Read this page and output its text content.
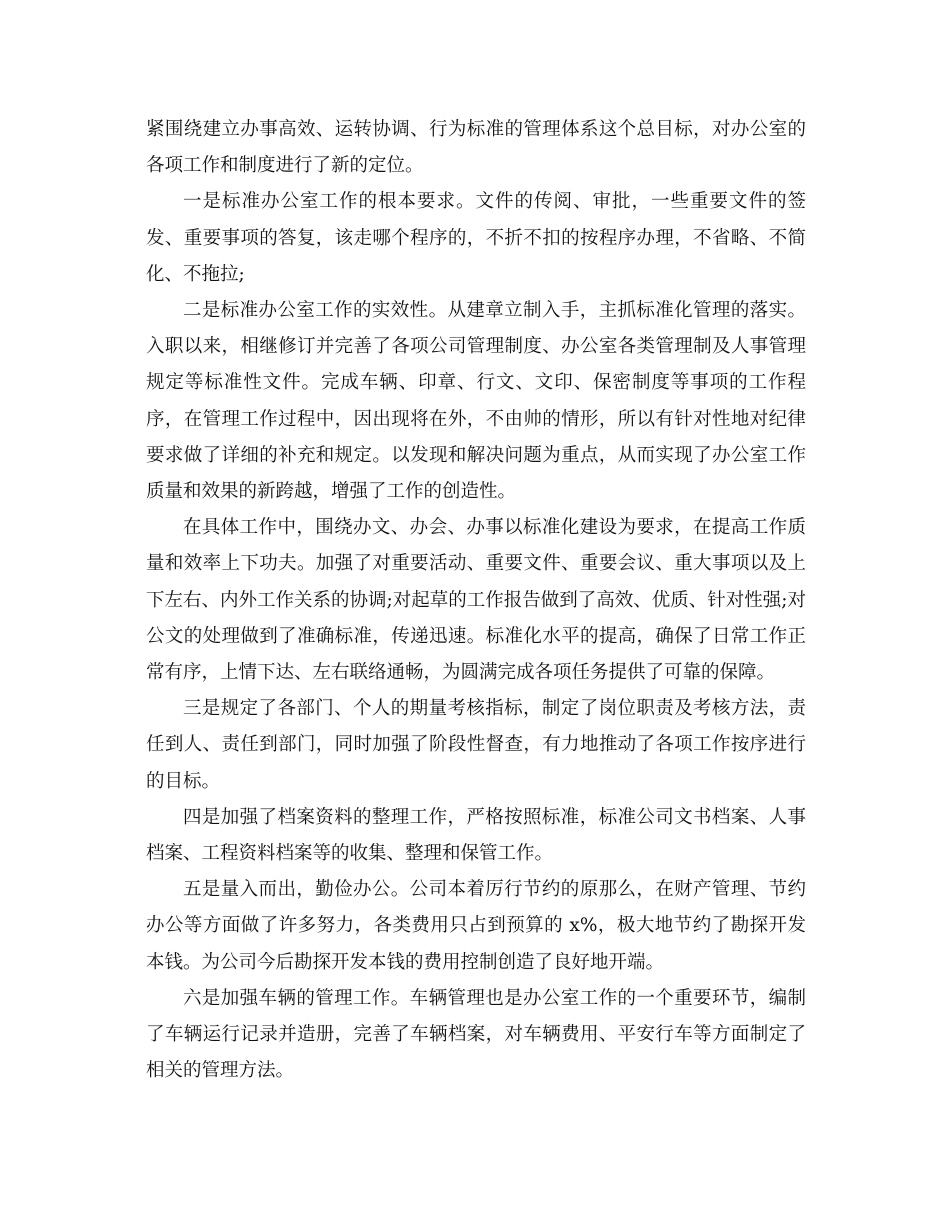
紧围绕建立办事高效、运转协调、行为标准的管理体系这个总目标，对办公室的各项工作和制度进行了新的定位。

一是标准办公室工作的根本要求。文件的传阅、审批，一些重要文件的签发、重要事项的答复，该走哪个程序的，不折不扣的按程序办理，不省略、不简化、不拖拉;

二是标准办公室工作的实效性。从建章立制入手，主抓标准化管理的落实。入职以来，相继修订并完善了各项公司管理制度、办公室各类管理制及人事管理规定等标准性文件。完成车辆、印章、行文、文印、保密制度等事项的工作程序，在管理工作过程中，因出现将在外，不由帅的情形，所以有针对性地对纪律要求做了详细的补充和规定。以发现和解决问题为重点，从而实现了办公室工作质量和效果的新跨越，增强了工作的创造性。

在具体工作中，围绕办文、办会、办事以标准化建设为要求，在提高工作质量和效率上下功夫。加强了对重要活动、重要文件、重要会议、重大事项以及上下左右、内外工作关系的协调;对起草的工作报告做到了高效、优质、针对性强;对公文的处理做到了准确标准，传递迅速。标准化水平的提高，确保了日常工作正常有序，上情下达、左右联络通畅，为圆满完成各项任务提供了可靠的保障。

三是规定了各部门、个人的期量考核指标，制定了岗位职责及考核方法，责任到人、责任到部门，同时加强了阶段性督查，有力地推动了各项工作按序进行的目标。

四是加强了档案资料的整理工作，严格按照标准，标准公司文书档案、人事档案、工程资料档案等的收集、整理和保管工作。

五是量入而出，勤俭办公。公司本着厉行节约的原那么，在财产管理、节约办公等方面做了许多努力，各类费用只占到预算的 x%，极大地节约了勘探开发本钱。为公司今后勘探开发本钱的费用控制创造了良好地开端。

六是加强车辆的管理工作。车辆管理也是办公室工作的一个重要环节，编制了车辆运行记录并造册，完善了车辆档案，对车辆费用、平安行车等方面制定了相关的管理方法。
